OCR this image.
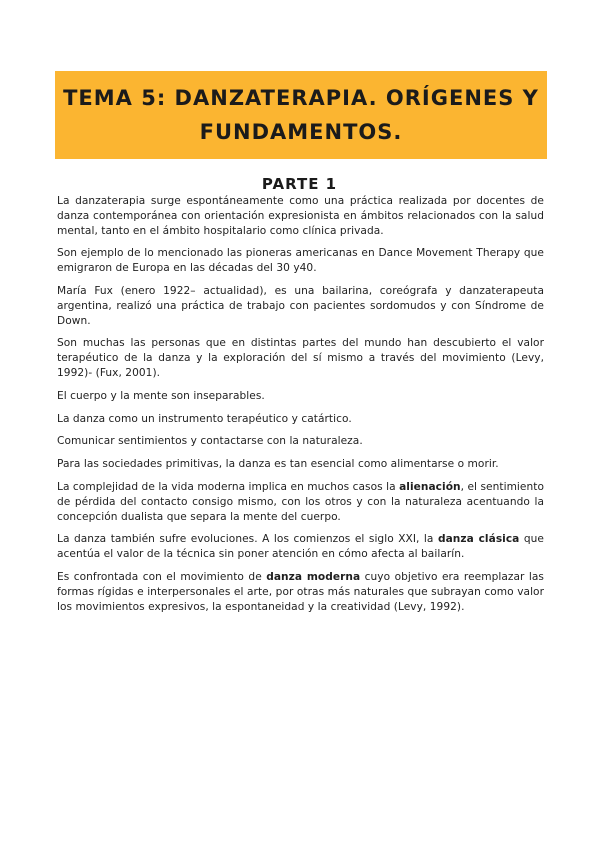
TEMA 5: DANZATERAPIA. ORÍGENES Y
FUNDAMENTOS.
PARTE 1

La danzaterapia surge espontáneamente como una práctica realizada por docentes de danza contemporánea con orientación expresionista en ámbitos relacionados con la salud mental, tanto en el ámbito hospitalario como clínica privada.

Son ejemplo de lo mencionado las pioneras americanas en Dance Movement Therapy que emigraron de Europa en las décadas del 30 y40.

María Fux (enero 1922– actualidad), es una bailarina, coreógrafa y danzaterapeuta argentina, realizó una práctica de trabajo con pacientes sordomudos y con Síndrome de Down.

Son muchas las personas que en distintas partes del mundo han descubierto el valor terapéutico de la danza y la exploración del sí mismo a través del movimiento (Levy, 1992)- (Fux, 2001).

El cuerpo y la mente son inseparables.

La danza como un instrumento terapéutico y catártico.

Comunicar sentimientos y contactarse con la naturaleza.

Para las sociedades primitivas, la danza es tan esencial como alimentarse o morir.

La complejidad de la vida moderna implica en muchos casos la alienación, el sentimiento de pérdida del contacto consigo mismo, con los otros y con la naturaleza acentuando la concepción dualista que separa la mente del cuerpo.

La danza también sufre evoluciones. A los comienzos el siglo XXI, la danza clásica que acentúa el valor de la técnica sin poner atención en cómo afecta al bailarín.

Es confrontada con el movimiento de danza moderna cuyo objetivo era reemplazar las formas rígidas e interpersonales el arte, por otras más naturales que subrayan como valor los movimientos expresivos, la espontaneidad y la creatividad (Levy, 1992).
